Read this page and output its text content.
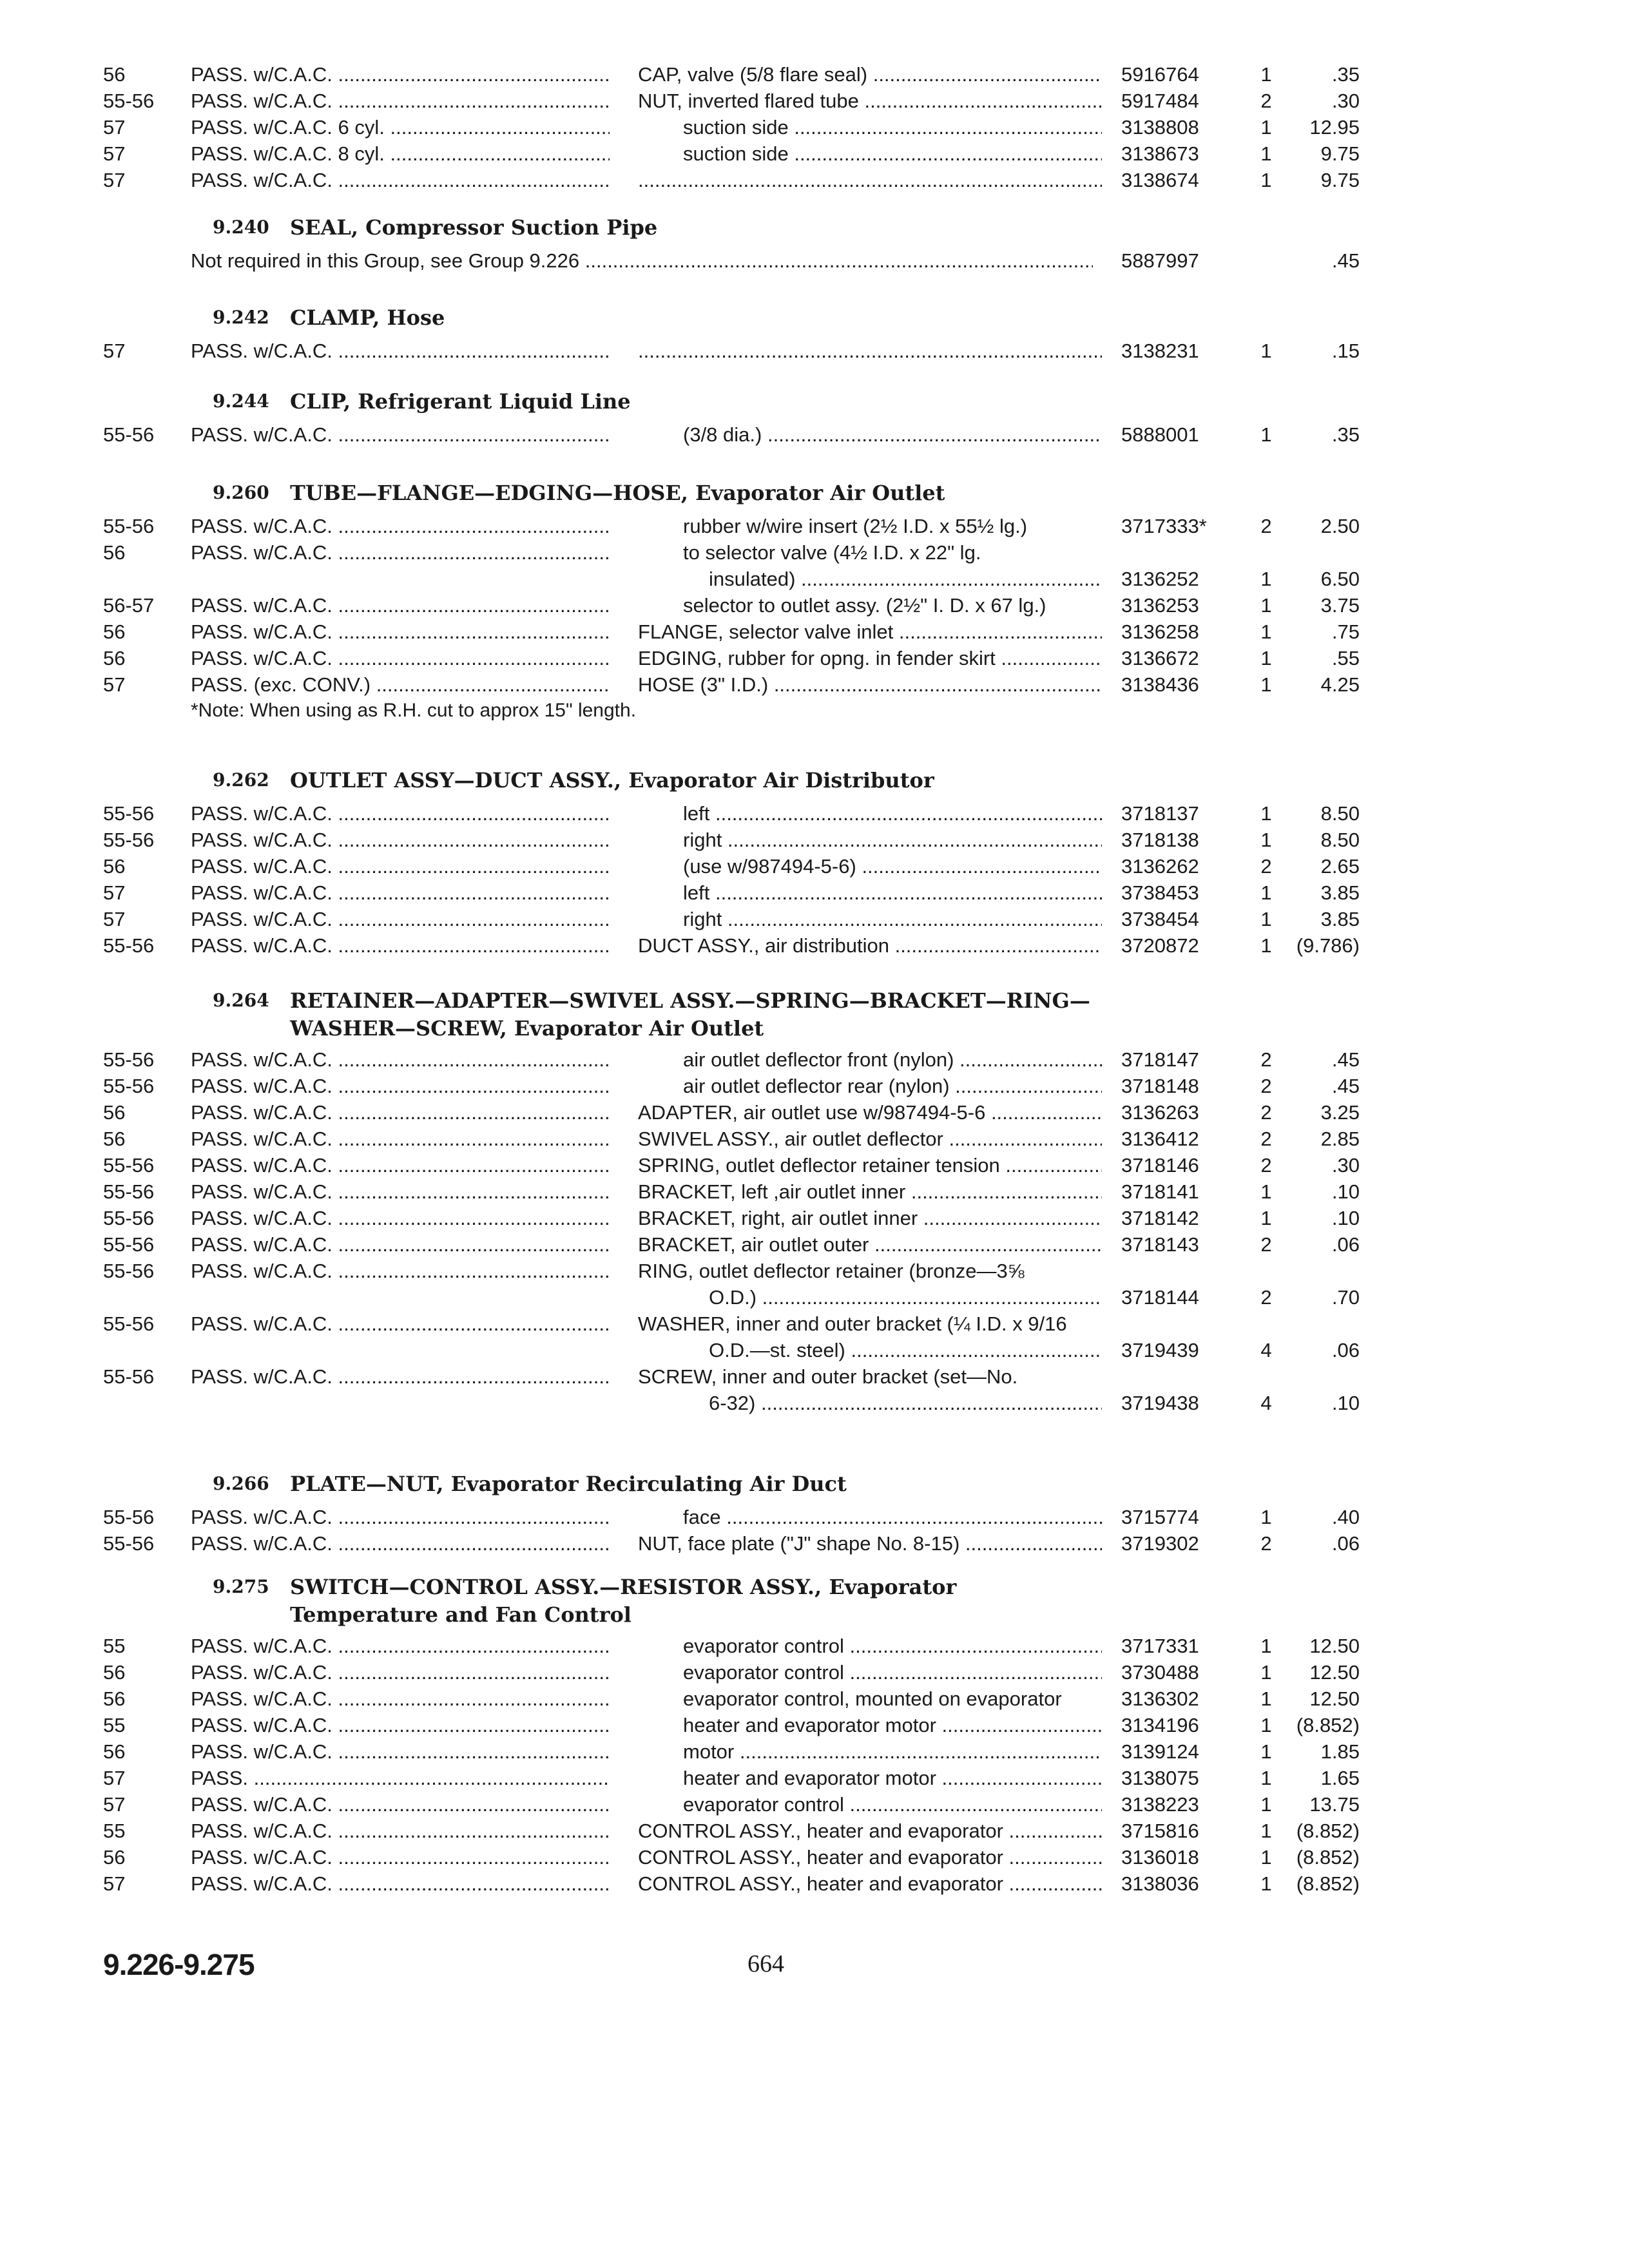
56	PASS. w/C.A.C. .....	CAP, valve (5/8 flare seal) .....	5916764	1	.35
55-56	PASS. w/C.A.C. .....	NUT, inverted flared tube .....	5917484	2	.30
57	PASS. w/C.A.C. 6 cyl. .....	suction side .....	3138808	1	12.95
57	PASS. w/C.A.C. 8 cyl. .....	suction side .....	3138673	1	9.75
57	PASS. w/C.A.C. ..... .....	3138674	1	9.75
9.240 SEAL, Compressor Suction Pipe
Not required in this Group, see Group 9.226 .....	5887997	.45
9.242 CLAMP, Hose
57	PASS. w/C.A.C. ..... .....	3138231	1	.15
9.244 CLIP, Refrigerant Liquid Line
55-56	PASS. w/C.A.C. .....	(3/8 dia.) .....	5888001	1	.35
9.260 TUBE—FLANGE—EDGING—HOSE, Evaporator Air Outlet
55-56	PASS. w/C.A.C. .....	rubber w/wire insert (2½ I.D. x 55½ lg.)	3717333*	2	2.50
56	PASS. w/C.A.C. .....	to selector valve (4½ I.D. x 22" lg.
insulated) .....	3136252	1	6.50
56-57	PASS. w/C.A.C. .....	selector to outlet assy. (2½" I. D. x 67 lg.)	3136253	1	3.75
56	PASS. w/C.A.C. .....	FLANGE, selector valve inlet .....	3136258	1	.75
56	PASS. w/C.A.C. .....	EDGING, rubber for opng. in fender skirt .....	3136672	1	.55
57	PASS. (exc. CONV.) .....	HOSE (3" I.D.) .....	3138436	1	4.25
*Note: When using as R.H. cut to approx 15" length.
9.262 OUTLET ASSY—DUCT ASSY., Evaporator Air Distributor
55-56	PASS. w/C.A.C. .....	left .....	3718137	1	8.50
55-56	PASS. w/C.A.C. .....	right .....	3718138	1	8.50
56	PASS. w/C.A.C. .....	(use w/987494-5-6) .....	3136262	2	2.65
57	PASS. w/C.A.C. .....	left .....	3738453	1	3.85
57	PASS. w/C.A.C. .....	right .....	3738454	1	3.85
55-56	PASS. w/C.A.C. .....	DUCT ASSY., air distribution .....	3720872	1	(9.786)
9.264 RETAINER—ADAPTER—SWIVEL ASSY.—SPRING—BRACKET—RING—
WASHER—SCREW, Evaporator Air Outlet
55-56	PASS. w/C.A.C. .....	air outlet deflector front (nylon) .....	3718147	2	.45
55-56	PASS. w/C.A.C. .....	air outlet deflector rear (nylon) .....	3718148	2	.45
56	PASS. w/C.A.C. .....	ADAPTER, air outlet use w/987494-5-6 .....	3136263	2	3.25
56	PASS. w/C.A.C. .....	SWIVEL ASSY., air outlet deflector .....	3136412	2	2.85
55-56	PASS. w/C.A.C. .....	SPRING, outlet deflector retainer tension .....	3718146	2	.30
55-56	PASS. w/C.A.C. .....	BRACKET, left ,air outlet inner .....	3718141	1	.10
55-56	PASS. w/C.A.C. .....	BRACKET, right, air outlet inner .....	3718142	1	.10
55-56	PASS. w/C.A.C. .....	BRACKET, air outlet outer .....	3718143	2	.06
55-56	PASS. w/C.A.C. .....	RING, outlet deflector retainer (bronze—3⅝
O.D.) .....	3718144	2	.70
55-56	PASS. w/C.A.C. .....	WASHER, inner and outer bracket (¼ I.D. x 9/16
O.D.—st. steel) .....	3719439	4	.06
55-56	PASS. w/C.A.C. .....	SCREW, inner and outer bracket (set—No.
6-32) .....	3719438	4	.10
9.266 PLATE—NUT, Evaporator Recirculating Air Duct
55-56	PASS. w/C.A.C. .....	face .....	3715774	1	.40
55-56	PASS. w/C.A.C. .....	NUT, face plate ("J" shape No. 8-15) .....	3719302	2	.06
9.275 SWITCH—CONTROL ASSY.—RESISTOR ASSY., Evaporator
Temperature and Fan Control
55	PASS. w/C.A.C. .....	evaporator control .....	3717331	1	12.50
56	PASS. w/C.A.C. .....	evaporator control .....	3730488	1	12.50
56	PASS. w/C.A.C. .....	evaporator control, mounted on evaporator	3136302	1	12.50
55	PASS. w/C.A.C. .....	heater and evaporator motor .....	3134196	1	(8.852)
56	PASS. w/C.A.C. .....	motor .....	3139124	1	1.85
57	PASS. .....	heater and evaporator motor .....	3138075	1	1.65
57	PASS. w/C.A.C. .....	evaporator control .....	3138223	1	13.75
55	PASS. w/C.A.C. .....	CONTROL ASSY., heater and evaporator .....	3715816	1	(8.852)
56	PASS. w/C.A.C. .....	CONTROL ASSY., heater and evaporator .....	3136018	1	(8.852)
57	PASS. w/C.A.C. .....	CONTROL ASSY., heater and evaporator .....	3138036	1	(8.852)
9.226-9.275	664
